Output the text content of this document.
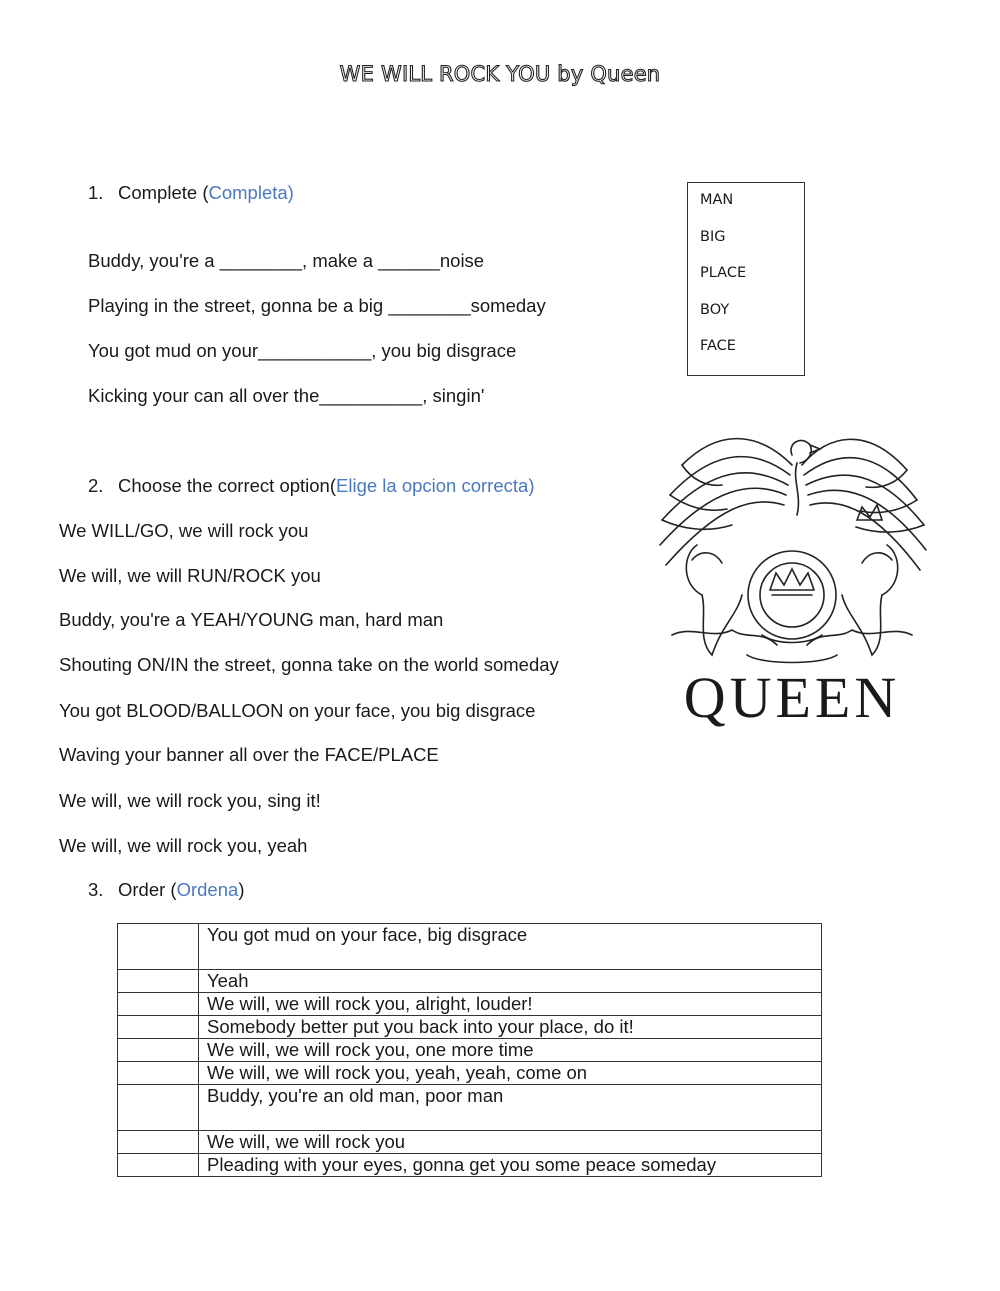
WE WILL ROCK YOU by Queen
1. Complete (Completa)
Buddy, you're a ________, make a ______noise
Playing in the street, gonna be a big ________someday
You got mud on your___________, you big disgrace
Kicking your can all over the__________, singin'
MAN
BIG
PLACE
BOY
FACE
2. Choose the correct option(Elige la opcion correcta)
We WILL/GO, we will rock you
We will, we will RUN/ROCK you
Buddy, you're a YEAH/YOUNG man, hard man
Shouting ON/IN the street, gonna take on the world someday
You got BLOOD/BALLOON on your face, you big disgrace
Waving your banner all over the FACE/PLACE
We will, we will rock you, sing it!
We will, we will rock you, yeah
QUEEN
3. Order (Ordena)
	You got mud on your face, big disgrace
	Yeah
	We will, we will rock you, alright, louder!
	Somebody better put you back into your place, do it!
	We will, we will rock you, one more time
	We will, we will rock you, yeah, yeah, come on
	Buddy, you're an old man, poor man
	We will, we will rock you
	Pleading with your eyes, gonna get you some peace someday
